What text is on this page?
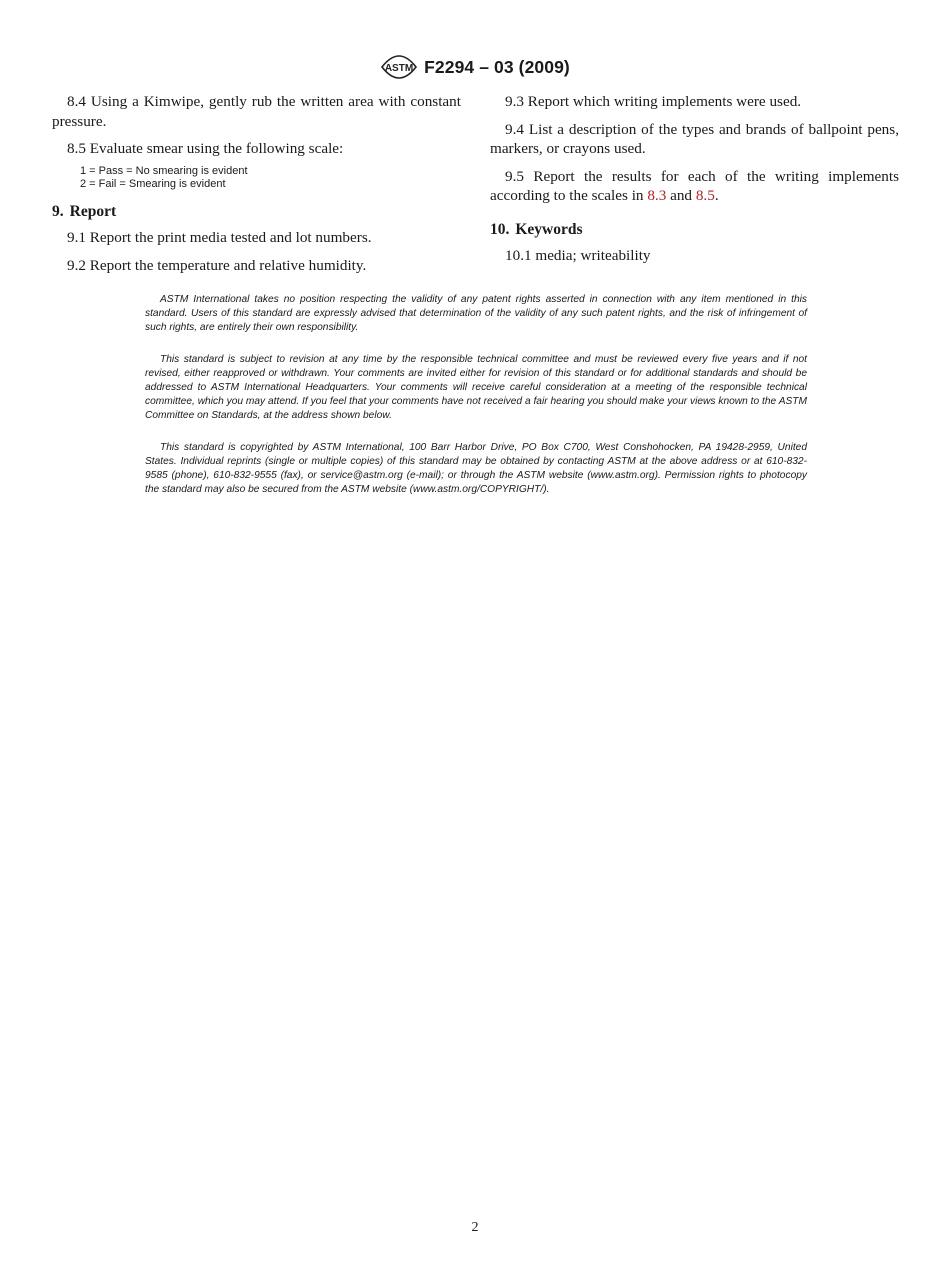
ASTM F2294 – 03 (2009)

8.4 Using a Kimwipe, gently rub the written area with constant pressure.

8.5 Evaluate smear using the following scale:

1 = Pass = No smearing is evident
2 = Fail = Smearing is evident
9. Report

9.1 Report the print media tested and lot numbers.

9.2 Report the temperature and relative humidity.

9.3 Report which writing implements were used.

9.4 List a description of the types and brands of ballpoint pens, markers, or crayons used.

9.5 Report the results for each of the writing implements according to the scales in 8.3 and 8.5.

10. Keywords

10.1 media; writeability

ASTM International takes no position respecting the validity of any patent rights asserted in connection with any item mentioned in this standard. Users of this standard are expressly advised that determination of the validity of any such patent rights, and the risk of infringement of such rights, are entirely their own responsibility.

This standard is subject to revision at any time by the responsible technical committee and must be reviewed every five years and if not revised, either reapproved or withdrawn. Your comments are invited either for revision of this standard or for additional standards and should be addressed to ASTM International Headquarters. Your comments will receive careful consideration at a meeting of the responsible technical committee, which you may attend. If you feel that your comments have not received a fair hearing you should make your views known to the ASTM Committee on Standards, at the address shown below.

This standard is copyrighted by ASTM International, 100 Barr Harbor Drive, PO Box C700, West Conshohocken, PA 19428-2959, United States. Individual reprints (single or multiple copies) of this standard may be obtained by contacting ASTM at the above address or at 610-832-9585 (phone), 610-832-9555 (fax), or service@astm.org (e-mail); or through the ASTM website (www.astm.org). Permission rights to photocopy the standard may also be secured from the ASTM website (www.astm.org/COPYRIGHT/).

2
